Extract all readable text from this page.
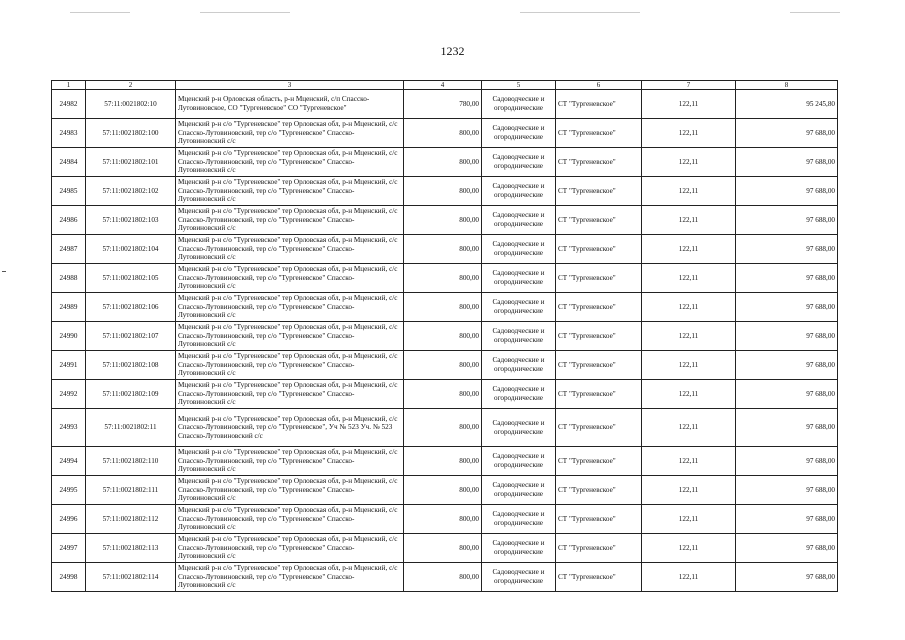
1232
1	2	3	4	5	6	7	8
24982	57:11:0021802:10	Мценский р-н Орловская область, р-н Мценский, с/п Спасско-Лутовиновское, СО "Тургеневское" СО "Тургеневское"	780,00	Садоводческие и огороднические	СТ "Тургеневское"	122,11	95 245,80
24983	57:11:0021802:100	Мценский р-н с/о "Тургеневское" тер Орловская обл, р-н Мценский, с/с Спасско-Лутовиновский, тер с/о "Тургеневское" Спасско-Лутовиновский с/с	800,00	Садоводческие и огороднические	СТ "Тургеневское"	122,11	97 688,00
24984	57:11:0021802:101	Мценский р-н с/о "Тургеневское" тер Орловская обл, р-н Мценский, с/с Спасско-Лутовиновский, тер с/о "Тургеневское" Спасско-Лутовиновский с/с	800,00	Садоводческие и огороднические	СТ "Тургеневское"	122,11	97 688,00
24985	57:11:0021802:102	Мценский р-н с/о "Тургеневское" тер Орловская обл, р-н Мценский, с/с Спасско-Лутовиновский, тер с/о "Тургеневское" Спасско-Лутовиновский с/с	800,00	Садоводческие и огороднические	СТ "Тургеневское"	122,11	97 688,00
24986	57:11:0021802:103	Мценский р-н с/о "Тургеневское" тер Орловская обл, р-н Мценский, с/с Спасско-Лутовиновский, тер с/о "Тургеневское" Спасско-Лутовиновский с/с	800,00	Садоводческие и огороднические	СТ "Тургеневское"	122,11	97 688,00
24987	57:11:0021802:104	Мценский р-н с/о "Тургеневское" тер Орловская обл, р-н Мценский, с/с Спасско-Лутовиновский, тер с/о "Тургеневское" Спасско-Лутовиновский с/с	800,00	Садоводческие и огороднические	СТ "Тургеневское"	122,11	97 688,00
24988	57:11:0021802:105	Мценский р-н с/о "Тургеневское" тер Орловская обл, р-н Мценский, с/с Спасско-Лутовиновский, тер с/о "Тургеневское" Спасско-Лутовиновский с/с	800,00	Садоводческие и огороднические	СТ "Тургеневское"	122,11	97 688,00
24989	57:11:0021802:106	Мценский р-н с/о "Тургеневское" тер Орловская обл, р-н Мценский, с/с Спасско-Лутовиновский, тер с/о "Тургеневское" Спасско-Лутовиновский с/с	800,00	Садоводческие и огороднические	СТ "Тургеневское"	122,11	97 688,00
24990	57:11:0021802:107	Мценский р-н с/о "Тургеневское" тер Орловская обл, р-н Мценский, с/с Спасско-Лутовиновский, тер с/о "Тургеневское" Спасско-Лутовиновский с/с	800,00	Садоводческие и огороднические	СТ "Тургеневское"	122,11	97 688,00
24991	57:11:0021802:108	Мценский р-н с/о "Тургеневское" тер Орловская обл, р-н Мценский, с/с Спасско-Лутовиновский, тер с/о "Тургеневское" Спасско-Лутовиновский с/с	800,00	Садоводческие и огороднические	СТ "Тургеневское"	122,11	97 688,00
24992	57:11:0021802:109	Мценский р-н с/о "Тургеневское" тер Орловская обл, р-н Мценский, с/с Спасско-Лутовиновский, тер с/о "Тургеневское" Спасско-Лутовиновский с/с	800,00	Садоводческие и огороднические	СТ "Тургеневское"	122,11	97 688,00
24993	57:11:0021802:11	Мценский р-н с/о "Тургеневское" тер Орловская обл, р-н Мценский, с/с Спасско-Лутовиновский, тер с/о "Тургеневское", Уч № 523 Уч. № 523 Спасско-Лутовиновский с/с	800,00	Садоводческие и огороднические	СТ "Тургеневское"	122,11	97 688,00
24994	57:11:0021802:110	Мценский р-н с/о "Тургеневское" тер Орловская обл, р-н Мценский, с/с Спасско-Лутовиновский, тер с/о "Тургеневское" Спасско-Лутовиновский с/с	800,00	Садоводческие и огороднические	СТ "Тургеневское"	122,11	97 688,00
24995	57:11:0021802:111	Мценский р-н с/о "Тургеневское" тер Орловская обл, р-н Мценский, с/с Спасско-Лутовиновский, тер с/о "Тургеневское" Спасско-Лутовиновский с/с	800,00	Садоводческие и огороднические	СТ "Тургеневское"	122,11	97 688,00
24996	57:11:0021802:112	Мценский р-н с/о "Тургеневское" тер Орловская обл, р-н Мценский, с/с Спасско-Лутовиновский, тер с/о "Тургеневское" Спасско-Лутовиновский с/с	800,00	Садоводческие и огороднические	СТ "Тургеневское"	122,11	97 688,00
24997	57:11:0021802:113	Мценский р-н с/о "Тургеневское" тер Орловская обл, р-н Мценский, с/с Спасско-Лутовиновский, тер с/о "Тургеневское" Спасско-Лутовиновский с/с	800,00	Садоводческие и огороднические	СТ "Тургеневское"	122,11	97 688,00
24998	57:11:0021802:114	Мценский р-н с/о "Тургеневское" тер Орловская обл, р-н Мценский, с/с Спасско-Лутовиновский, тер с/о "Тургеневское" Спасско-Лутовиновский с/с	800,00	Садоводческие и огороднические	СТ "Тургеневское"	122,11	97 688,00
